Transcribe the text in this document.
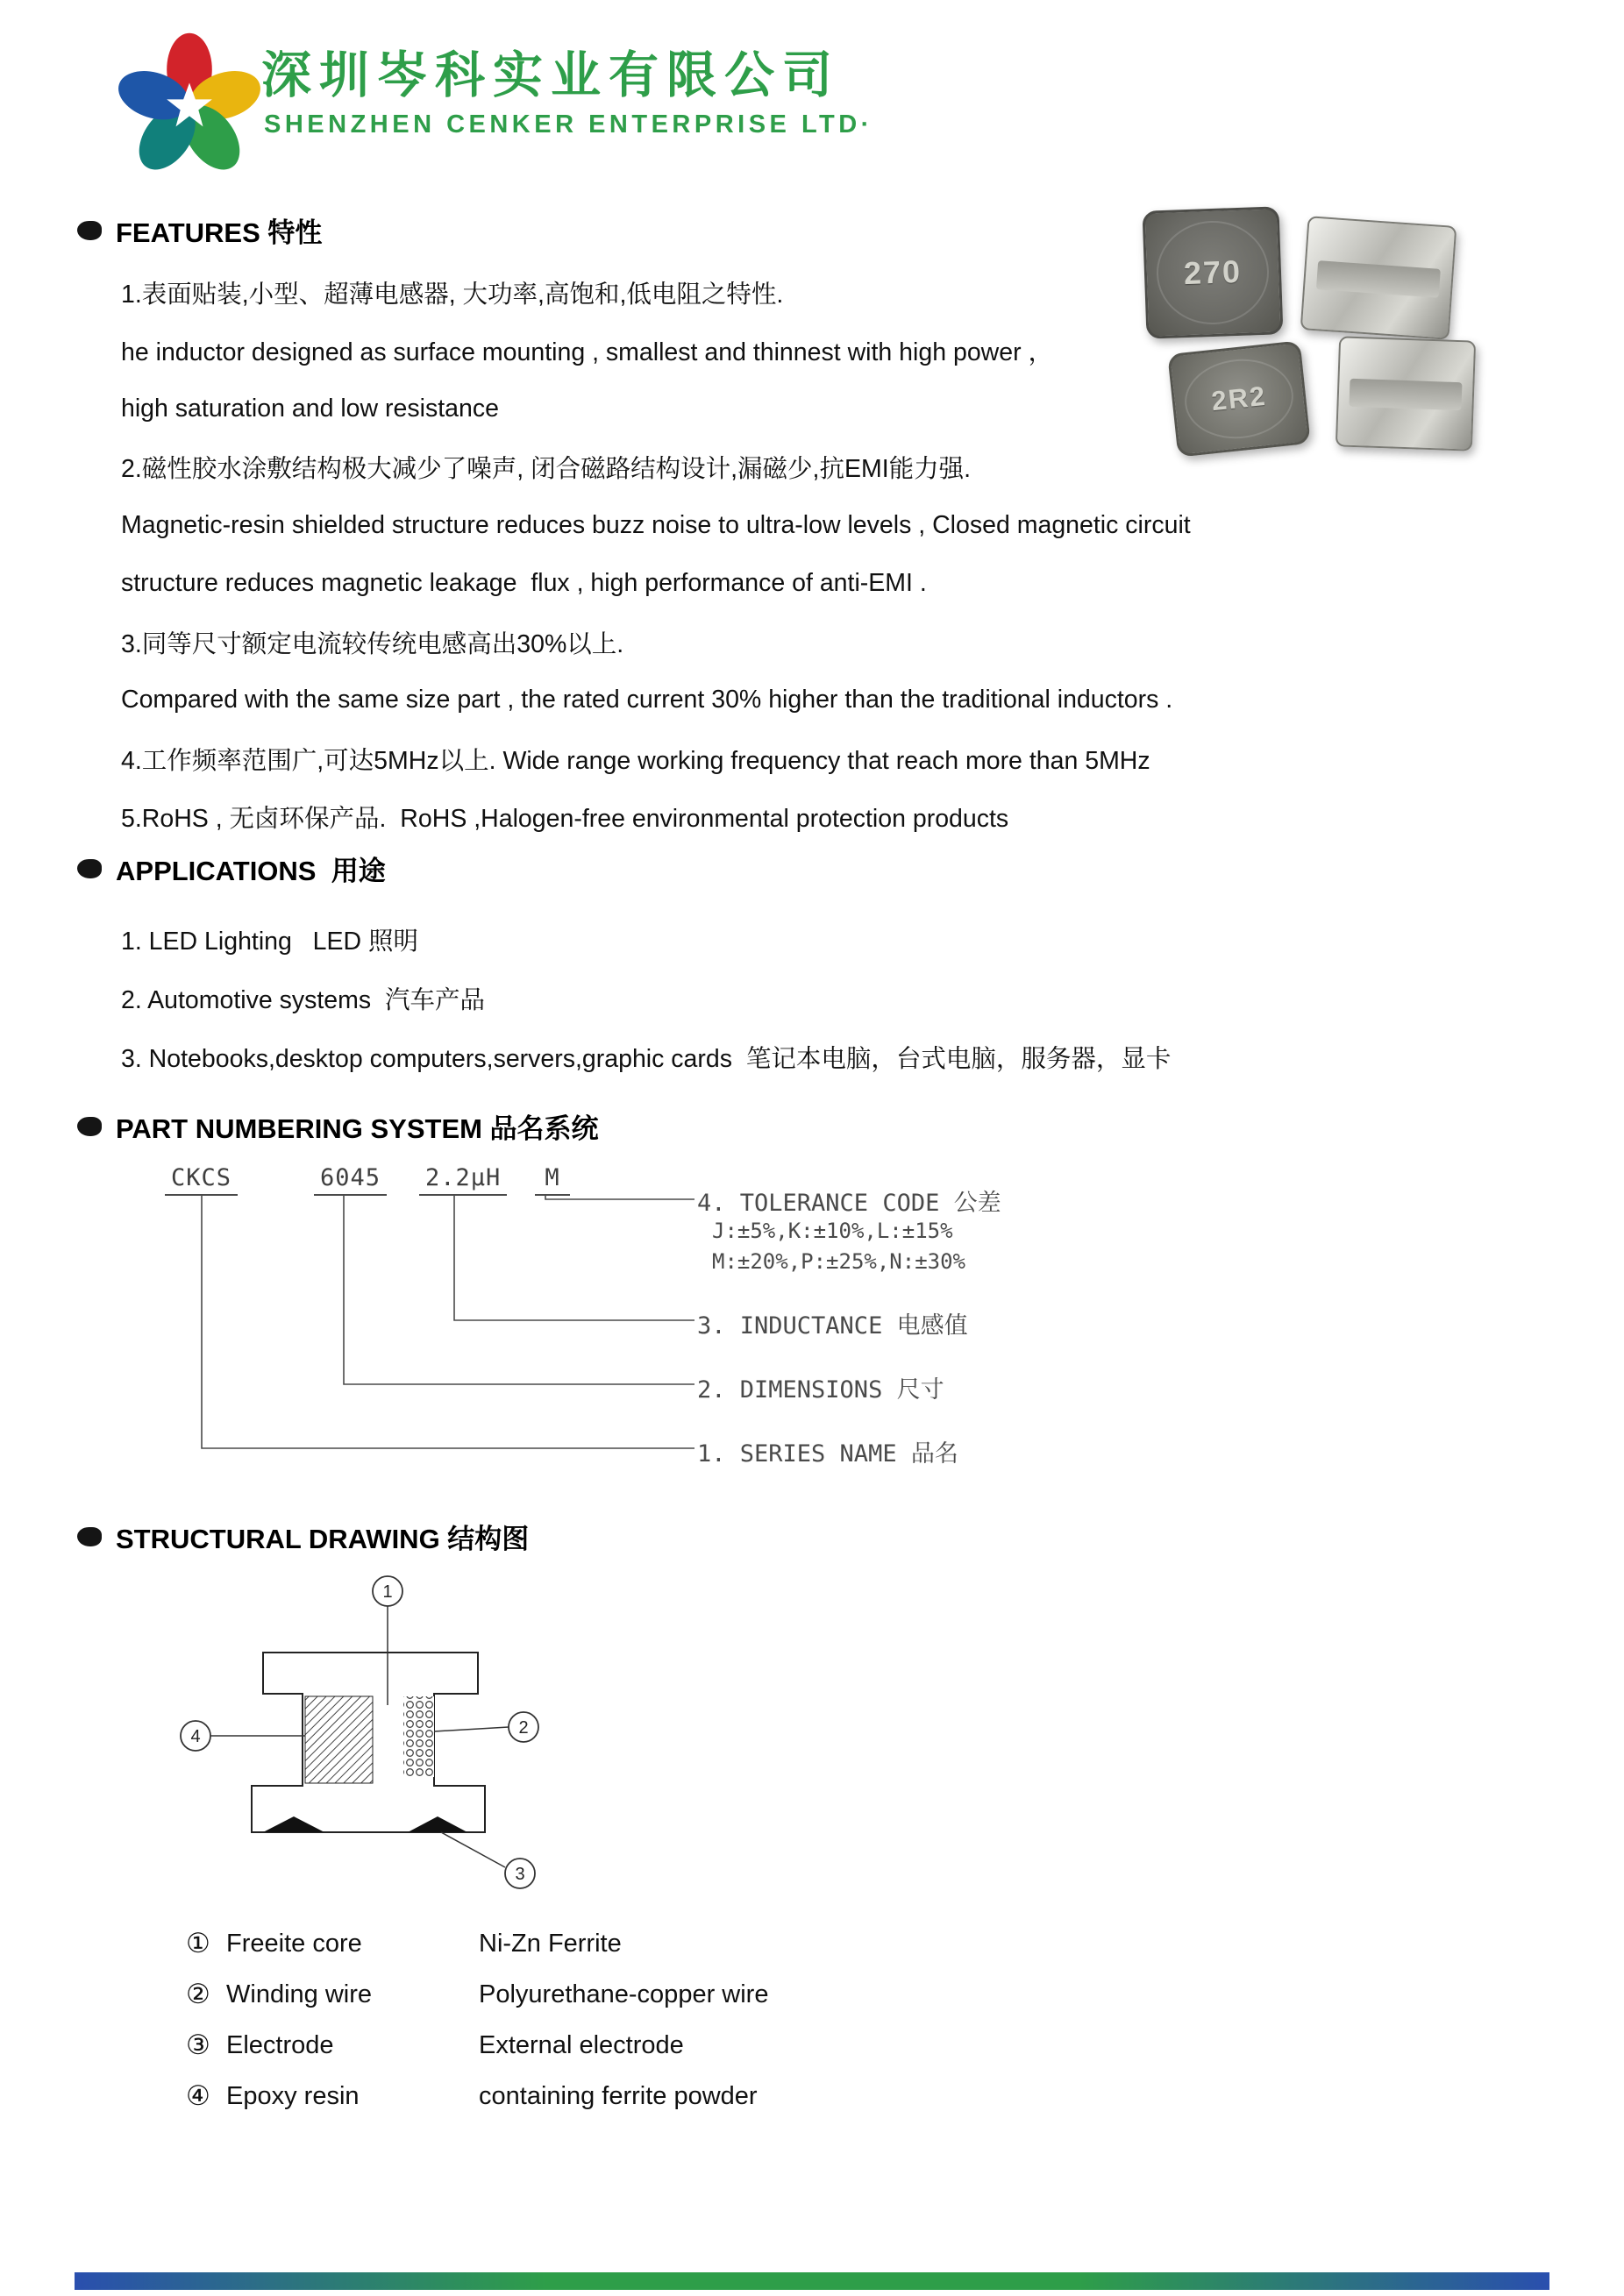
深圳岑科实业有限公司
SHENZHEN CENKER ENTERPRISE LTD·
FEATURES 特性
1.表面贴装,小型、超薄电感器, 大功率,高饱和,低电阻之特性.
he inductor designed as surface mounting , smallest and thinnest with high power ，
high saturation and low resistance
2.磁性胶水涂敷结构极大减少了噪声, 闭合磁路结构设计,漏磁少,抗EMI能力强.
Magnetic-resin shielded structure reduces buzz noise to ultra-low levels , Closed magnetic circuit
structure reduces magnetic leakage  flux , high performance of anti-EMI .
3.同等尺寸额定电流较传统电感高出30%以上.
Compared with the same size part , the rated current 30% higher than the traditional inductors .
4.工作频率范围广,可达5MHz以上. Wide range working frequency that reach more than 5MHz
5.RoHS , 无卤环保产品.  RoHS ,Halogen-free environmental protection products
270
2R2
APPLICATIONS  用途
1. LED Lighting   LED 照明
2. Automotive systems  汽车产品
3. Notebooks,desktop computers,servers,graphic cards  笔记本电脑，台式电脑，服务器，显卡
PART NUMBERING SYSTEM 品名系统
CKCS	6045 2.2μH	M
4. TOLERANCE CODE 公差
J:±5%,K:±10%,L:±15%
M:±20%,P:±25%,N:±30%
3. INDUCTANCE 电感值
2. DIMENSIONS 尺寸
1. SERIES NAME 品名
STRUCTURAL DRAWING 结构图
1
2
3
4
① Freeite core	Ni-Zn Ferrite
② Winding wire	Polyurethane-copper wire
③ Electrode	External electrode
④ Epoxy resin	containing ferrite powder
